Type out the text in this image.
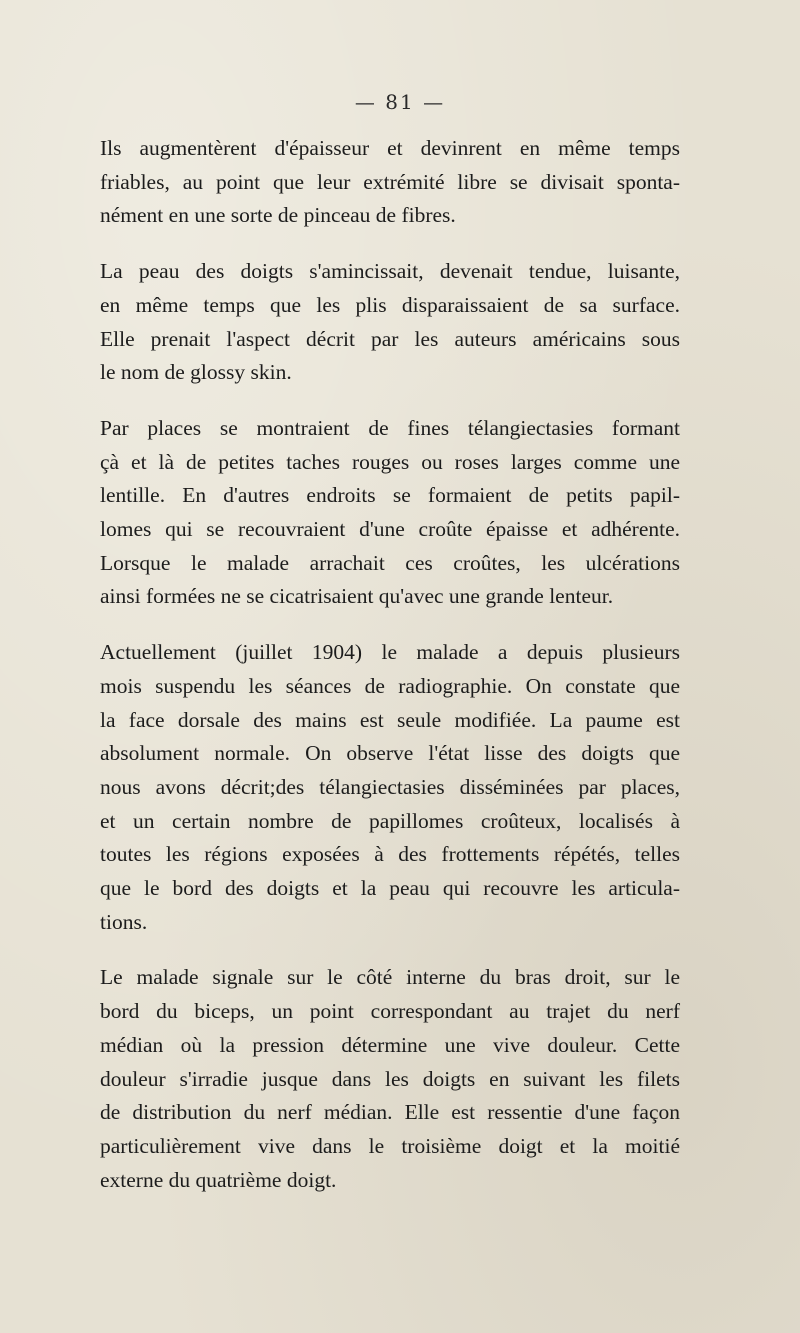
— 81 —

Ils augmentèrent d'épaisseur et devinrent en même temps
friables, au point que leur extrémité libre se divisait sponta-
nément en une sorte de pinceau de fibres.

La peau des doigts s'amincissait, devenait tendue, luisante,
en même temps que les plis disparaissaient de sa surface.
Elle prenait l'aspect décrit par les auteurs américains sous
le nom de glossy skin.

Par places se montraient de fines télangiectasies formant
çà et là de petites taches rouges ou roses larges comme une
lentille. En d'autres endroits se formaient de petits papil-
lomes qui se recouvraient d'une croûte épaisse et adhérente.
Lorsque le malade arrachait ces croûtes, les ulcérations
ainsi formées ne se cicatrisaient qu'avec une grande lenteur.

Actuellement (juillet 1904) le malade a depuis plusieurs
mois suspendu les séances de radiographie. On constate que
la face dorsale des mains est seule modifiée. La paume est
absolument normale. On observe l'état lisse des doigts que
nous avons décrit;des télangiectasies disséminées par places,
et un certain nombre de papillomes croûteux, localisés à
toutes les régions exposées à des frottements répétés, telles
que le bord des doigts et la peau qui recouvre les articula-
tions.

Le malade signale sur le côté interne du bras droit, sur le
bord du biceps, un point correspondant au trajet du nerf
médian où la pression détermine une vive douleur. Cette
douleur s'irradie jusque dans les doigts en suivant les filets
de distribution du nerf médian. Elle est ressentie d'une façon
particulièrement vive dans le troisième doigt et la moitié
externe du quatrième doigt.
